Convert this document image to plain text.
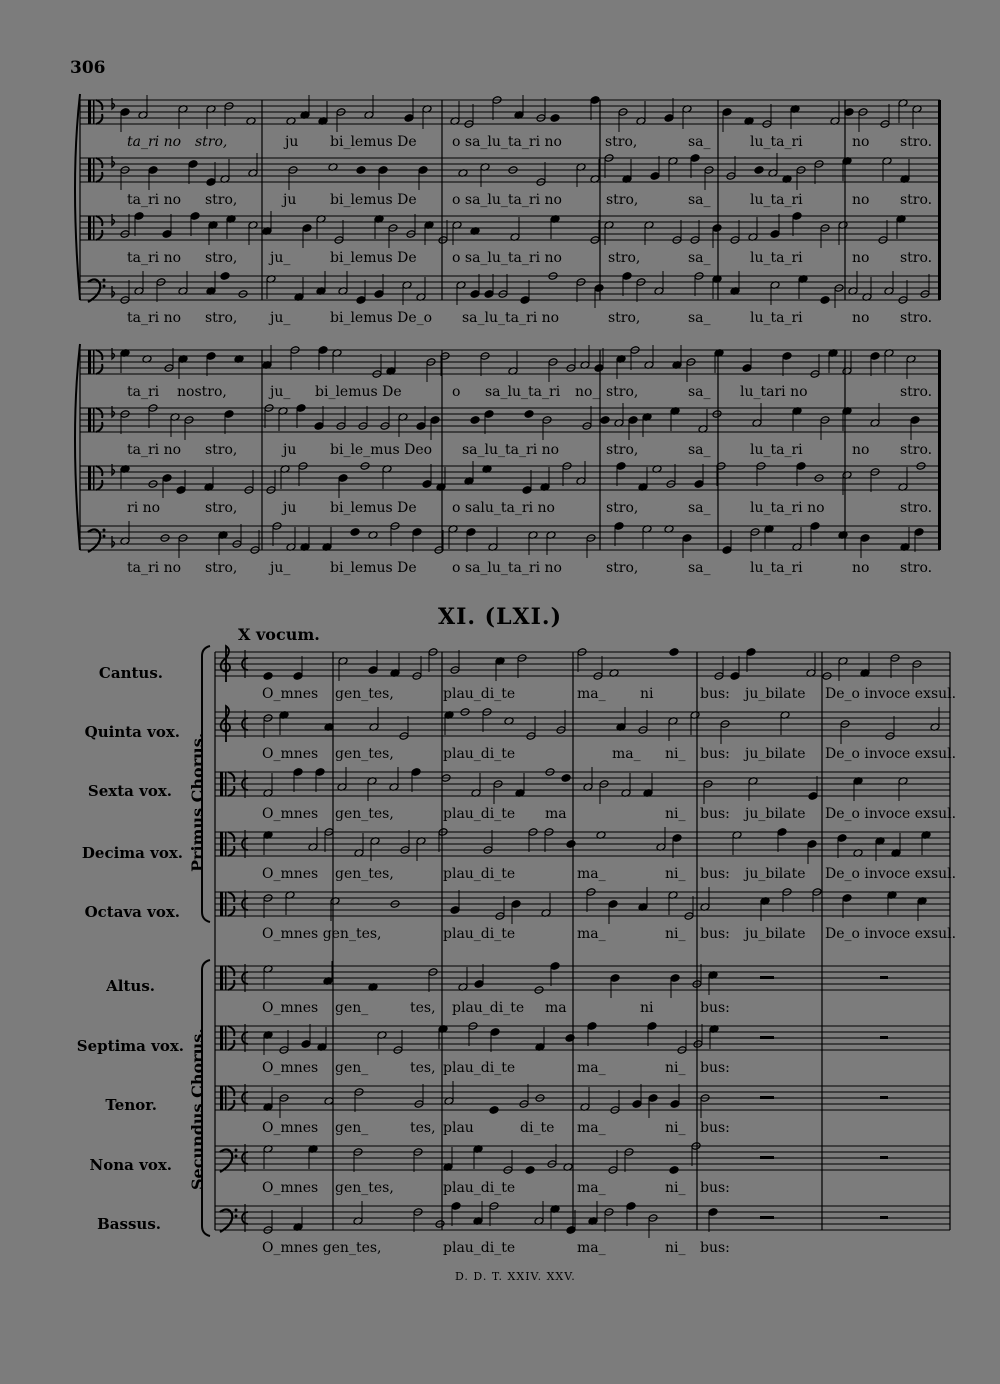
306
ta_ri no stro,	ju bi_lemus De	o sa_lu_ta_ri no	stro,	sa_	lu_ta_ri	no stro.
ta_ri no stro,	ju bi_lemus De	o sa_lu_ta_ri no	stro,	sa_	lu_ta_ri	no stro.
ta_ri no stro, ju_	bi_lemus De	o sa_lu_ta_ri no	stro,	sa_	lu_ta_ri	no stro.
ta_ri no stro, ju_	bi_lemus De_o sa_lu_ta_ri no	stro,	sa_	lu_ta_ri	no stro.
ta_ri nostro,	ju_ bi_lemus De	o sa_lu_ta_ri no_ stro,	sa_ lu_tari no	stro.
ta_ri no stro,	ju bi_le_mus Deo sa_lu_ta_ri no	stro,	sa_	lu_ta_ri	no stro.
ri no	stro,	ju bi_lemus De	o salu_ta_ri no	stro,	sa_	lu_ta_ri no	stro.
ta_ri no stro, ju_	bi_lemus De	o sa_lu_ta_ri no	stro,	sa_	lu_ta_ri	no stro.
O_mnes gen_tes,	plau_di_te	ma_ ni	bus: ju_bilate De_o invoce exsul.
O_mnes gen_tes,	plau_di_te	ma_ ni_ bus: ju_bilate De_o invoce exsul.
O_mnes gen_tes,	plau_di_te ma	ni_ bus: ju_bilate De_o invoce exsul.
O_mnes gen_tes,	plau_di_te	ma_	ni_ bus: ju_bilate De_o invoce exsul.
O_mnes gen_tes,	plau_di_te	ma_	ni_ bus: ju_bilate De_o invoce exsul.
O_mnes gen_	tes, plau_di_te ma	ni	bus:
O_mnes gen_	tes, plau_di_te	ma_	ni_ bus:
O_mnes gen_	tes, plau	di_te ma_	ni_ bus:
O_mnes gen_tes,	plau_di_te	ma_	ni_ bus:
O_mnes gen_tes,	plau_di_te	ma_	ni_ bus:
XI. (LXI.)
X vocum.
Cantus.
Quinta vox.
Sexta vox.
Decima vox.
Octava vox.
Altus.
Septima vox.
Tenor.
Nona vox.
Bassus.
Primus Chorus.
Secundus Chorus.
D. D. T. XXIV. XXV.
